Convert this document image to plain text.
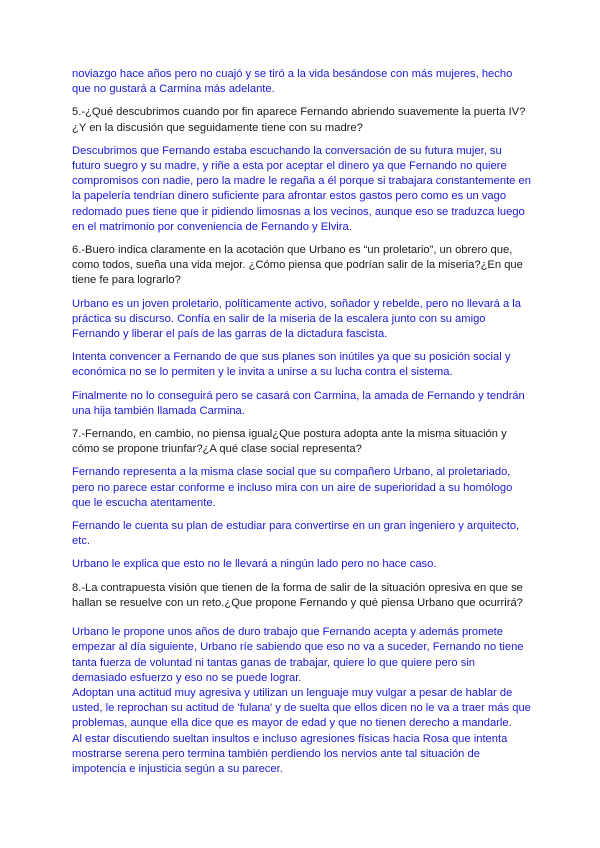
noviazgo hace años pero no cuajó y se tiró a la vida besándose con más mujeres, hecho que no gustará a Carmina más adelante.

5.-¿Qué descubrimos cuando por fin aparece Fernando abriendo suavemente la puerta IV?¿Y en la discusión que seguidamente tiene con su madre?

Descubrimos que Fernando estaba escuchando la conversación de su futura mujer, su futuro suegro y su madre, y riñe a esta por aceptar el dinero ya que Fernando no quiere compromisos con nadie, pero la madre le regaña a él porque si trabajara constantemente en la papelería tendrían dinero suficiente para afrontar estos gastos pero como es un vago redomado pues tiene que ir pidiendo limosnas a los vecinos, aunque eso se traduzca luego en el matrimonio por conveniencia de Fernando y Elvira.

6.-Buero indica claramente en la acotación que Urbano es “un proletario”, un obrero que, como todos, sueña una vida mejor. ¿Cómo piensa que podrían salir de la miseria?¿En que tiene fe para lograrlo?

Urbano es un joven proletario, políticamente activo, soñador y rebelde, pero no llevará a la práctica su discurso. Confía en salir de la miseria de la escalera junto con su amigo Fernando y liberar el país de las garras de la dictadura fascista.

Intenta convencer a Fernando de que sus planes son inútiles ya que su posición social y económica no se lo permiten y le invita a unirse a su lucha contra el sistema.

Finalmente no lo conseguirá pero se casará con Carmina, la amada de Fernando y tendrán una hija también llamada Carmina.

7.-Fernando, en cambio, no piensa igual¿Que postura adopta ante la misma situación y cómo se propone triunfar?¿A qué clase social representa?

Fernando representa a la misma clase social que su compañero Urbano, al proletariado, pero no parece estar conforme e incluso mira con un aire de superioridad a su homólogo que le escucha atentamente.

Fernando le cuenta su plan de estudiar para convertirse en un gran ingeniero y arquitecto, etc.

Urbano le explica que esto no le llevará a ningún lado pero no hace caso.

8.-La contrapuesta visión que tienen de la forma de salir de la situación opresiva en que se hallan se resuelve con un reto.¿Que propone Fernando y qué piensa Urbano que ocurrirá?

Urbano le propone unos años de duro trabajo que Fernando acepta y además promete empezar al día siguiente, Urbano ríe sabiendo que eso no va a suceder, Fernando no tiene tanta fuerza de voluntad ni tantas ganas de trabajar, quiere lo que quiere pero sin demasiado esfuerzo y eso no se puede lograr.

Adoptan una actitud muy agresiva y utilizan un lenguaje muy vulgar a pesar de hablar de usted, le reprochan su actitud de 'fulana' y de suelta que ellos dicen no le va a traer más que problemas, aunque ella dice que es mayor de edad y que no tienen derecho a mandarle.

Al estar discutiendo sueltan insultos e incluso agresiones físicas hacia Rosa que intenta mostrarse serena pero termina también perdiendo los nervios ante tal situación de impotencia e injusticia según a su parecer.
